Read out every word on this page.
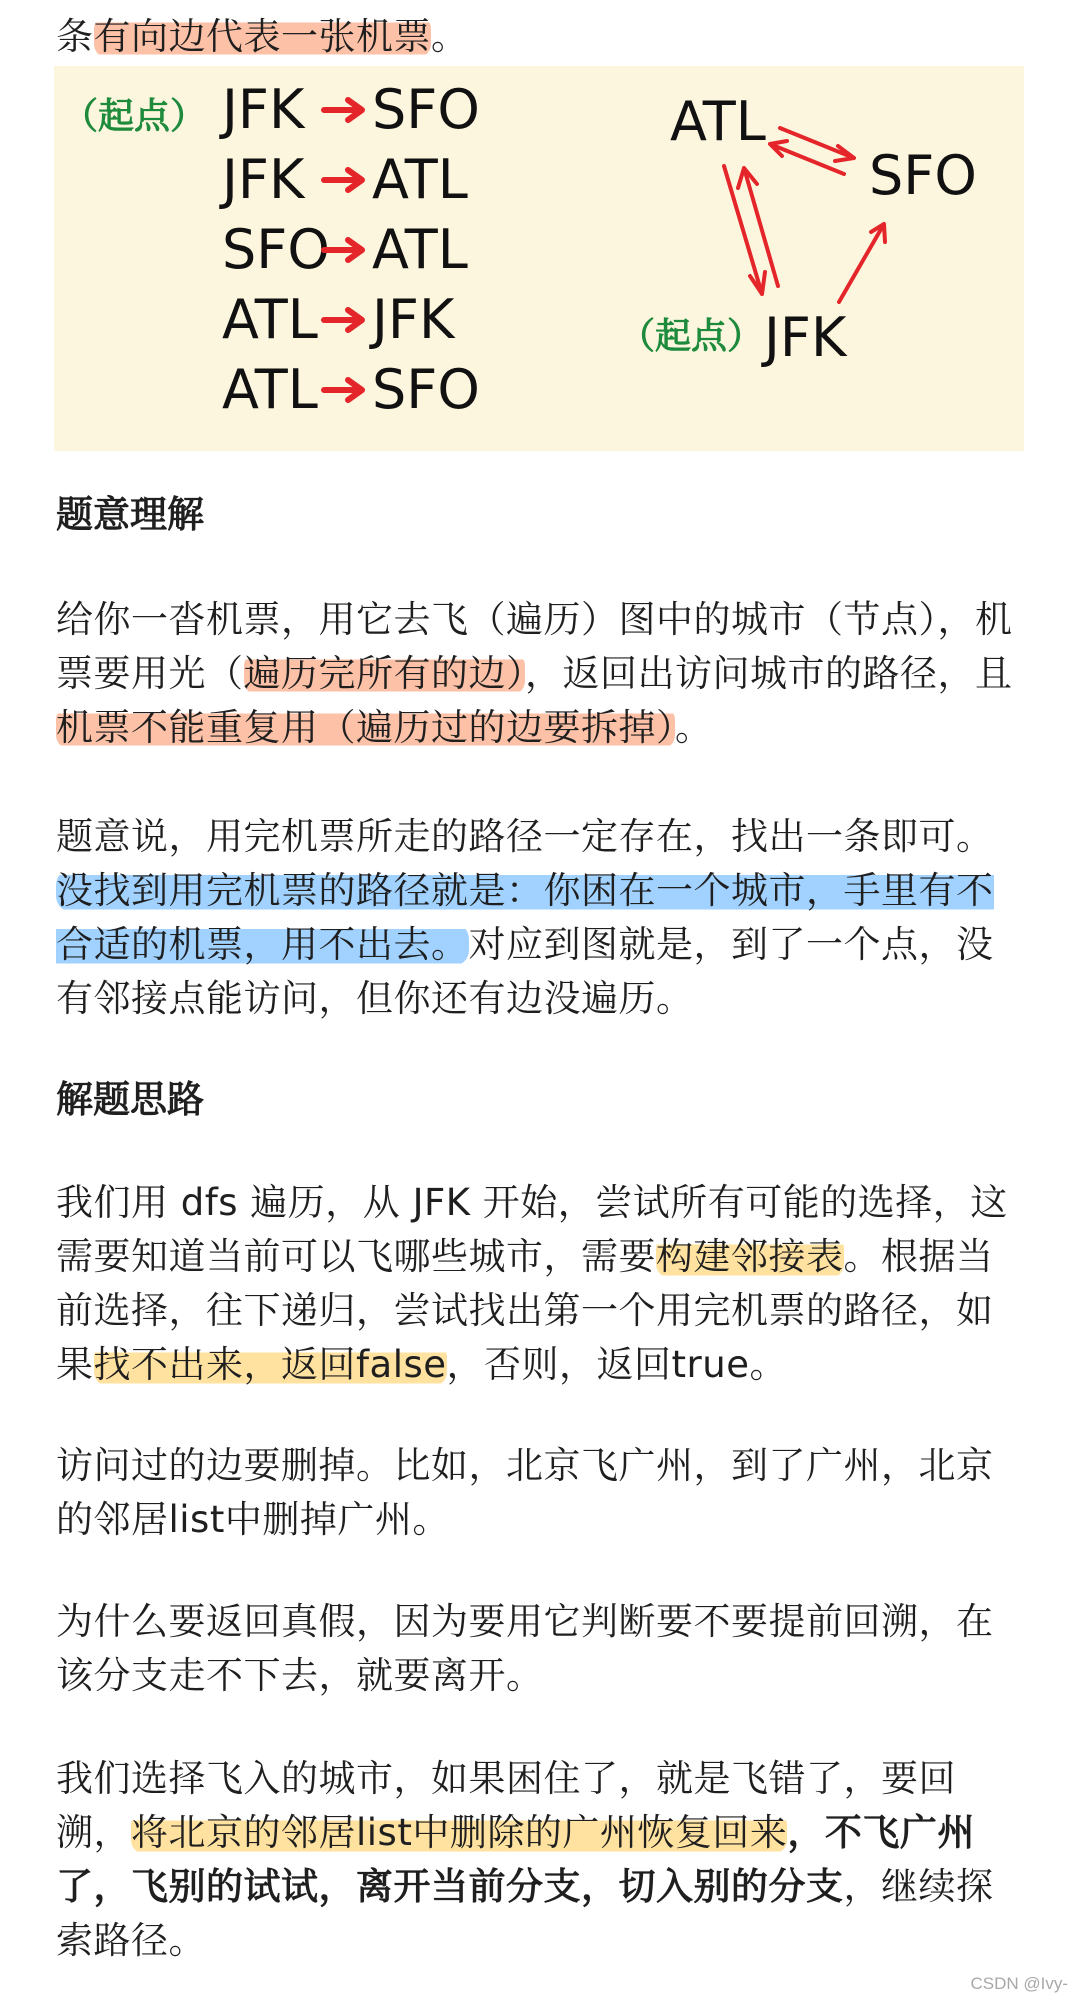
条有向边代表一张机票。

（起点） JFK SFO
JFK ATL
SFO ATL
ATL JFK
ATL SFO
ATL
SFO
JFK
（起点）
题意理解

给你一沓机票，用它去飞（遍历）图中的城市（节点），机票要用光（遍历完所有的边），返回出访问城市的路径，且机票不能重复用（遍历过的边要拆掉）。

题意说，用完机票所走的路径一定存在，找出一条即可。没找到用完机票的路径就是：你困在一个城市，手里有不合适的机票，用不出去。对应到图就是，到了一个点，没有邻接点能访问，但你还有边没遍历。

解题思路

我们用 dfs 遍历，从 JFK 开始，尝试所有可能的选择，这需要知道当前可以飞哪些城市，需要构建邻接表。根据当前选择，往下递归，尝试找出第一个用完机票的路径，如果找不出来，返回false，否则，返回true。

访问过的边要删掉。比如，北京飞广州，到了广州，北京的邻居list中删掉广州。

为什么要返回真假，因为要用它判断要不要提前回溯，在该分支走不下去，就要离开。

我们选择飞入的城市，如果困住了，就是飞错了，要回溯，将北京的邻居list中删除的广州恢复回来，不飞广州了，飞别的试试，离开当前分支，切入别的分支，继续探索路径。

CSDN @Ivy-
